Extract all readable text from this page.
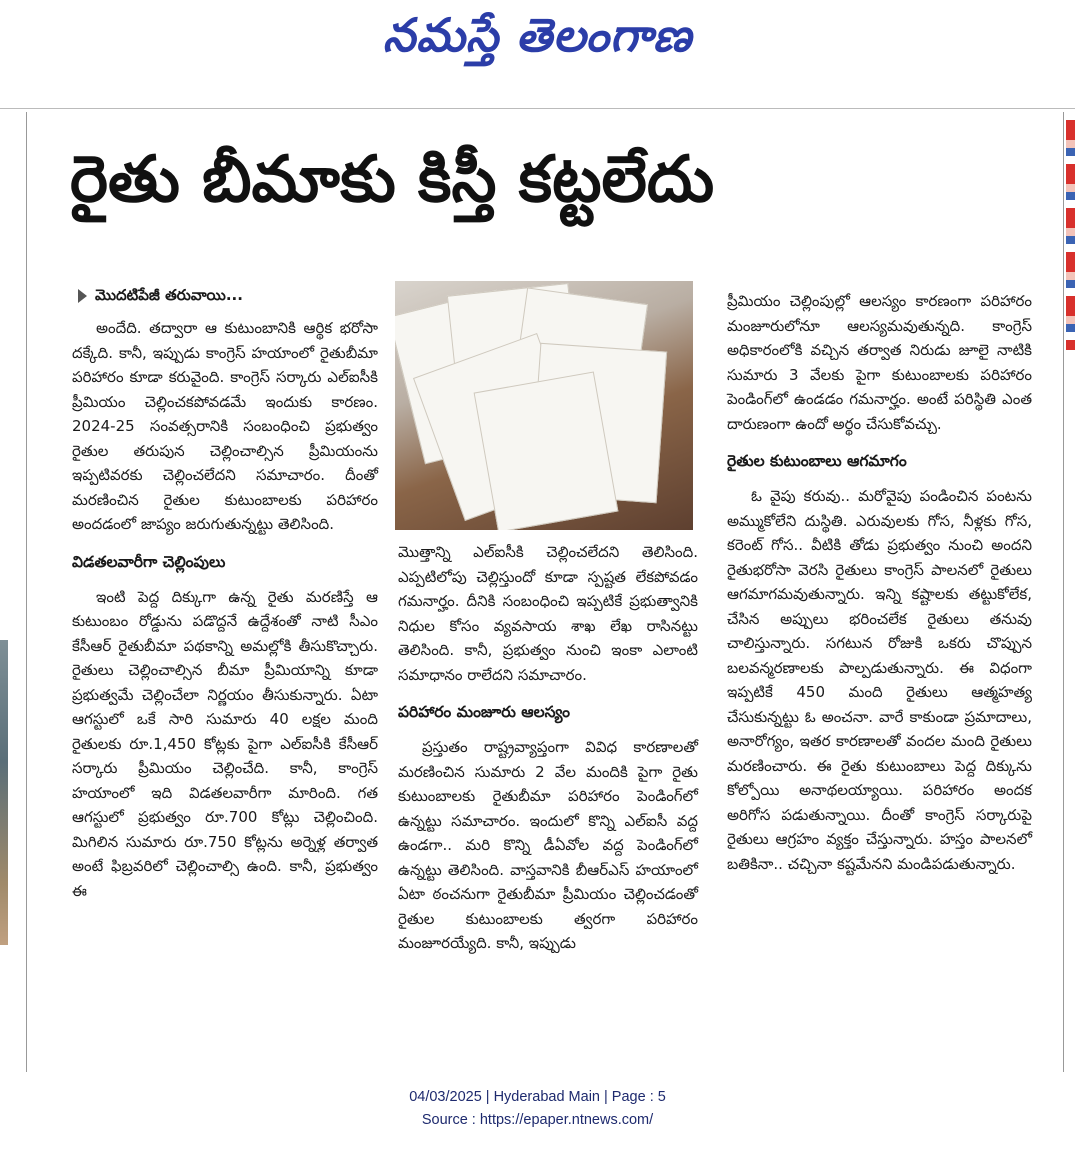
నమస్తే తెలంగాణ
రైతు బీమాకు కిస్తీ కట్టలేదు
మొదటిపేజీ తరువాయి...

అందేది. తద్వారా ఆ కుటుంబానికి ఆర్థిక భరోసా దక్కేది. కానీ, ఇప్పుడు కాంగ్రెస్ హయాంలో రైతుబీమా పరిహారం కూడా కరువైంది. కాంగ్రెస్ సర్కారు ఎల్‌ఐసీకి ప్రీమియం చెల్లించకపోవడమే ఇందుకు కారణం. 2024-25 సంవత్సరానికి సంబంధించి ప్రభుత్వం రైతుల తరుపున చెల్లించాల్సిన ప్రీమియంను ఇప్పటివరకు చెల్లించలేదని సమాచారం. దీంతో మరణించిన రైతుల కుటుంబాలకు పరిహారం అందడంలో జాప్యం జరుగుతున్నట్టు తెలిసింది.

విడతలవారీగా చెల్లింపులు

ఇంటి పెద్ద దిక్కుగా ఉన్న రైతు మరణిస్తే ఆ కుటుంబం రోడ్డును పడొద్దనే ఉద్దేశంతో నాటి సీఎం కేసీఆర్ రైతుబీమా పథకాన్ని అమల్లోకి తీసుకొచ్చారు. రైతులు చెల్లించాల్సిన బీమా ప్రీమియాన్ని కూడా ప్రభుత్వమే చెల్లించేలా నిర్ణయం తీసుకున్నారు. ఏటా ఆగస్టులో ఒకే సారి సుమారు 40 లక్షల మంది రైతులకు రూ.1,450 కోట్లకు పైగా ఎల్‌ఐసీకి కేసీఆర్ సర్కారు ప్రీమియం చెల్లించేది. కానీ, కాంగ్రెస్ హయాంలో ఇది విడతలవారీగా మారింది. గత ఆగస్టులో ప్రభుత్వం రూ.700 కోట్లు చెల్లించింది. మిగిలిన సుమారు రూ.750 కోట్లను అర్నెళ్ల తర్వాత అంటే ఫిబ్రవరిలో చెల్లించాల్సి ఉంది. కానీ, ప్రభుత్వం ఈ

మొత్తాన్ని ఎల్‌ఐసీకి చెల్లించలేదని తెలిసింది. ఎప్పటిలోపు చెల్లిస్తుందో కూడా స్పష్టత లేకపోవడం గమనార్హం. దీనికి సంబంధించి ఇప్పటికే ప్రభుత్వానికి నిధుల కోసం వ్యవసాయ శాఖ లేఖ రాసినట్టు తెలిసింది. కానీ, ప్రభుత్వం నుంచి ఇంకా ఎలాంటి సమాధానం రాలేదని సమాచారం.

పరిహారం మంజూరు ఆలస్యం

ప్రస్తుతం రాష్ట్రవ్యాప్తంగా వివిధ కారణాలతో మరణించిన సుమారు 2 వేల మందికి పైగా రైతు కుటుంబాలకు రైతుబీమా పరిహారం పెండింగ్‌లో ఉన్నట్టు సమాచారం. ఇందులో కొన్ని ఎల్‌ఐసీ వద్ద ఉండగా.. మరి కొన్ని డీఏవోల వద్ద పెండింగ్‌లో ఉన్నట్టు తెలిసింది. వాస్తవానికి బీఆర్‌ఎస్ హయాంలో ఏటా ఠంచనుగా రైతుబీమా ప్రీమియం చెల్లించడంతో రైతుల కుటుంబాలకు త్వరగా పరిహారం మంజూరయ్యేది. కానీ, ఇప్పుడు

ప్రీమియం చెల్లింపుల్లో ఆలస్యం కారణంగా పరిహారం మంజూరులోనూ ఆలస్యమవుతున్నది. కాంగ్రెస్ అధికారంలోకి వచ్చిన తర్వాత నిరుడు జూలై నాటికి సుమారు 3 వేలకు పైగా కుటుంబాలకు పరిహారం పెండింగ్‌లో ఉండడం గమనార్హం. అంటే పరిస్థితి ఎంత దారుణంగా ఉందో అర్థం చేసుకోవచ్చు.

రైతుల కుటుంబాలు ఆగమాగం

ఓ వైపు కరువు.. మరోవైపు పండించిన పంటను అమ్ముకోలేని దుస్థితి. ఎరువులకు గోస, నీళ్లకు గోస, కరెంట్ గోస.. వీటికి తోడు ప్రభుత్వం నుంచి అందని రైతుభరోసా వెరసి రైతులు కాంగ్రెస్ పాలనలో రైతులు ఆగమాగమవుతున్నారు. ఇన్ని కష్టాలకు తట్టుకోలేక, చేసిన అప్పులు భరించలేక రైతులు తనువు చాలిస్తున్నారు. సగటున రోజుకి ఒకరు చొప్పున బలవన్మరణాలకు పాల్పడుతున్నారు. ఈ విధంగా ఇప్పటికే 450 మంది రైతులు ఆత్మహత్య చేసుకున్నట్టు ఓ అంచనా. వారే కాకుండా ప్రమాదాలు, అనారోగ్యం, ఇతర కారణాలతో వందల మంది రైతులు మరణించారు. ఈ రైతు కుటుంబాలు పెద్ద దిక్కును కోల్పోయి అనాథలయ్యాయి. పరిహారం అందక అరిగోస పడుతున్నాయి. దీంతో కాంగ్రెస్ సర్కారుపై రైతులు ఆగ్రహం వ్యక్తం చేస్తున్నారు. హస్తం పాలనలో బతికినా.. చచ్చినా కష్టమేనని మండిపడుతున్నారు.

04/03/2025 | Hyderabad Main | Page : 5
Source : https://epaper.ntnews.com/
